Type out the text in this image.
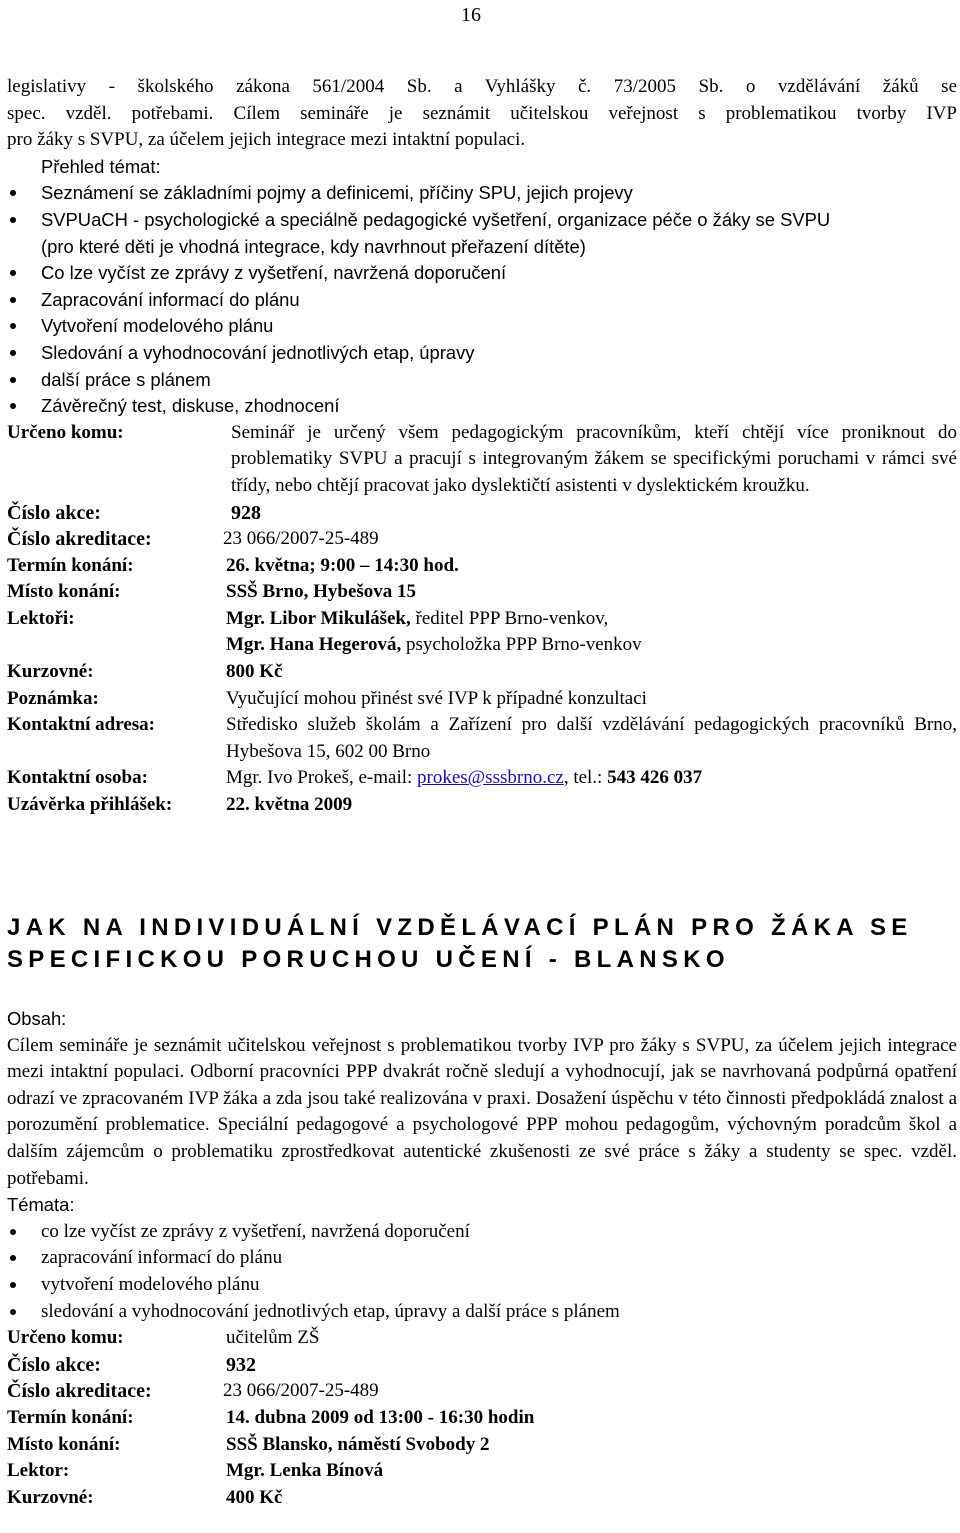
16
legislativy - školského zákona 561/2004 Sb. a Vyhlášky č. 73/2005 Sb. o vzdělávání žáků se
spec. vzděl. potřebami. Cílem semináře je seznámit učitelskou veřejnost s problematikou tvorby IVP
pro žáky s SVPU, za účelem jejich integrace mezi intaktní populaci.
Přehled témat:
Seznámení se základními pojmy a definicemi, příčiny SPU, jejich projevy
SVPUaCH - psychologické a speciálně pedagogické vyšetření, organizace péče o žáky se SVPU
(pro které děti je vhodná integrace, kdy navrhnout přeřazení dítěte)
Co lze vyčíst ze zprávy z vyšetření, navržená doporučení
Zapracování informací do plánu
Vytvoření modelového plánu
Sledování a vyhodnocování jednotlivých etap, úpravy
další práce s plánem
Závěrečný test, diskuse, zhodnocení
Určeno komu:	Seminář je určený všem pedagogickým pracovníkům, kteří chtějí více proniknout do problematiky SVPU a pracují s integrovaným žákem se specifickými poruchami v rámci své třídy, nebo chtějí pracovat jako dyslektičtí asistenti v dyslektickém kroužku.
Číslo akce:	928
Číslo akreditace:	23 066/2007-25-489
Termín konání:	26. května; 9:00 – 14:30 hod.
Místo konání:	SSŠ Brno, Hybešova 15
Lektoři:	Mgr. Libor Mikulášek, ředitel PPP Brno-venkov,
Mgr. Hana Hegerová, psycholožka PPP Brno-venkov
Kurzovné:	800 Kč
Poznámka:	Vyučující mohou přinést své IVP k případné konzultaci
Kontaktní adresa:	Středisko služeb školám a Zařízení pro další vzdělávání pedagogických pracovníků Brno, Hybešova 15, 602 00 Brno
Kontaktní osoba:	Mgr. Ivo Prokeš, e-mail: prokes@sssbrno.cz, tel.: 543 426 037
Uzávěrka přihlášek:	22. května 2009
JAK NA INDIVIDUÁLNÍ VZDĚLÁVACÍ PLÁN PRO ŽÁKA SE
SPECIFICKOU PORUCHOU UČENÍ - BLANSKO
Obsah:
Cílem semináře je seznámit učitelskou veřejnost s problematikou tvorby IVP pro žáky s SVPU, za účelem jejich integrace mezi intaktní populaci. Odborní pracovníci PPP dvakrát ročně sledují a vyhodnocují, jak se navrhovaná podpůrná opatření odrazí ve zpracovaném IVP žáka a zda jsou také realizována v praxi. Dosažení úspěchu v této činnosti předpokládá znalost a porozumění problematice. Speciální pedagogové a psychologové PPP mohou pedagogům, výchovným poradcům škol a dalším zájemcům o problematiku zprostředkovat autentické zkušenosti ze své práce s žáky a studenty se spec. vzděl. potřebami.
Témata:
co lze vyčíst ze zprávy z vyšetření, navržená doporučení
zapracování informací do plánu
vytvoření modelového plánu
sledování a vyhodnocování jednotlivých etap, úpravy a další práce s plánem
Určeno komu:	učitelům ZŠ
Číslo akce:	932
Číslo akreditace:	23 066/2007-25-489
Termín konání:	14. dubna 2009 od 13:00 - 16:30 hodin
Místo konání:	SSŠ Blansko, náměstí Svobody 2
Lektor:	Mgr. Lenka Bínová
Kurzovné:	400 Kč
